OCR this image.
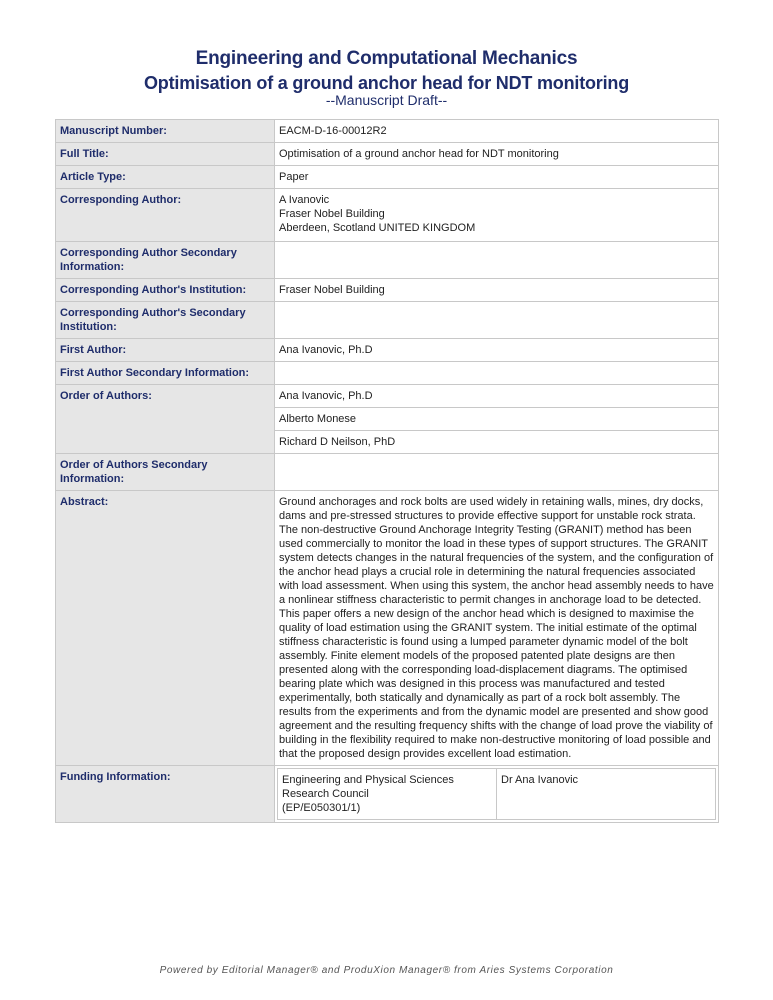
Engineering and Computational Mechanics
Optimisation of a ground anchor head for NDT monitoring
--Manuscript Draft--
Manuscript Number:	EACM-D-16-00012R2
Full Title:	Optimisation of a ground anchor head for NDT monitoring
Article Type:	Paper
Corresponding Author:	A Ivanovic
Fraser Nobel Building
Aberdeen, Scotland UNITED KINGDOM

Corresponding Author Secondary Information:	
Corresponding Author's Institution:	Fraser Nobel Building
Corresponding Author's Secondary Institution:	
First Author:	Ana Ivanovic, Ph.D
First Author Secondary Information:	
Order of Authors:	Ana Ivanovic, Ph.D
Alberto Monese
Richard D Neilson, PhD
Order of Authors Secondary Information:	
Abstract:	Ground anchorages and rock bolts are used widely in retaining walls, mines, dry docks, dams and pre-stressed structures to provide effective support for unstable rock strata. The non-destructive Ground Anchorage Integrity Testing (GRANIT) method has been used commercially to monitor the load in these types of support structures. The GRANIT system detects changes in the natural frequencies of the system, and the configuration of the anchor head plays a crucial role in determining the natural frequencies associated with load assessment. When using this system, the anchor head assembly needs to have a nonlinear stiffness characteristic to permit changes in anchorage load to be detected. This paper offers a new design of the anchor head which is designed to maximise the quality of load estimation using the GRANIT system. The initial estimate of the optimal stiffness characteristic is found using a lumped parameter dynamic model of the bolt assembly. Finite element models of the proposed patented plate designs are then presented along with the corresponding load-displacement diagrams. The optimised bearing plate which was designed in this process was manufactured and tested experimentally, both statically and dynamically as part of a rock bolt assembly. The results from the experiments and from the dynamic model are presented and show good agreement and the resulting frequency shifts with the change of load prove the viability of building in the flexibility required to make non-destructive monitoring of load possible and that the proposed design provides excellent load estimation.
Funding Information:		Engineering and Physical Sciences
Research Council
(EP/E050301/1)
	Dr Ana Ivanovic
Powered by Editorial Manager® and ProduXion Manager® from Aries Systems Corporation
